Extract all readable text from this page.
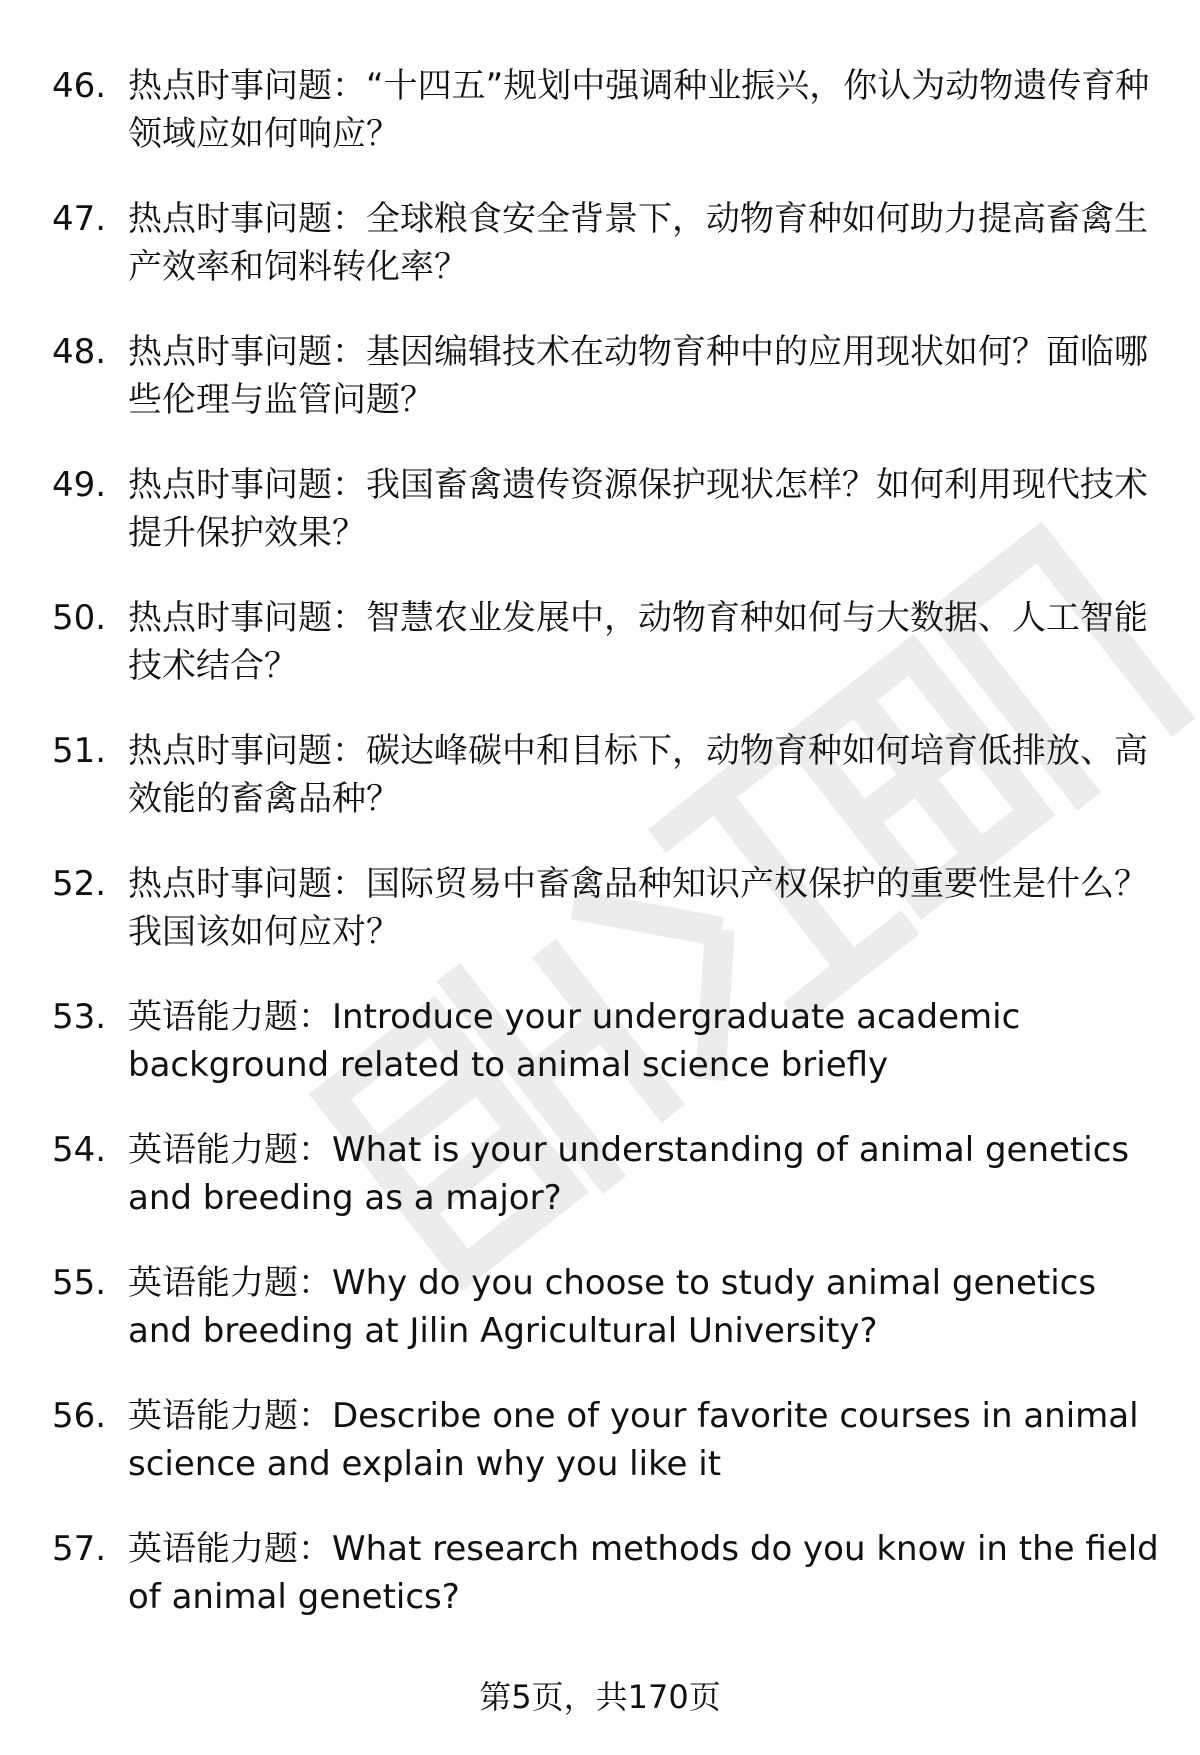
46. 热点时事问题：“十四五”规划中强调种业振兴，你认为动物遗传育种领域应如何响应？
47. 热点时事问题：全球粮食安全背景下，动物育种如何助力提高畜禽生产效率和饲料转化率？
48. 热点时事问题：基因编辑技术在动物育种中的应用现状如何？面临哪些伦理与监管问题？
49. 热点时事问题：我国畜禽遗传资源保护现状怎样？如何利用现代技术提升保护效果？
50. 热点时事问题：智慧农业发展中，动物育种如何与大数据、人工智能技术结合？
51. 热点时事问题：碳达峰碳中和目标下，动物育种如何培育低排放、高效能的畜禽品种？
52. 热点时事问题：国际贸易中畜禽品种知识产权保护的重要性是什么？我国该如何应对？
53. 英语能力题：Introduce your undergraduate academic background related to animal science briefly
54. 英语能力题：What is your understanding of animal genetics and breeding as a major?
55. 英语能力题：Why do you choose to study animal genetics and breeding at Jilin Agricultural University?
56. 英语能力题：Describe one of your favorite courses in animal science and explain why you like it
57. 英语能力题：What research methods do you know in the field of animal genetics?
第5页，共170页
